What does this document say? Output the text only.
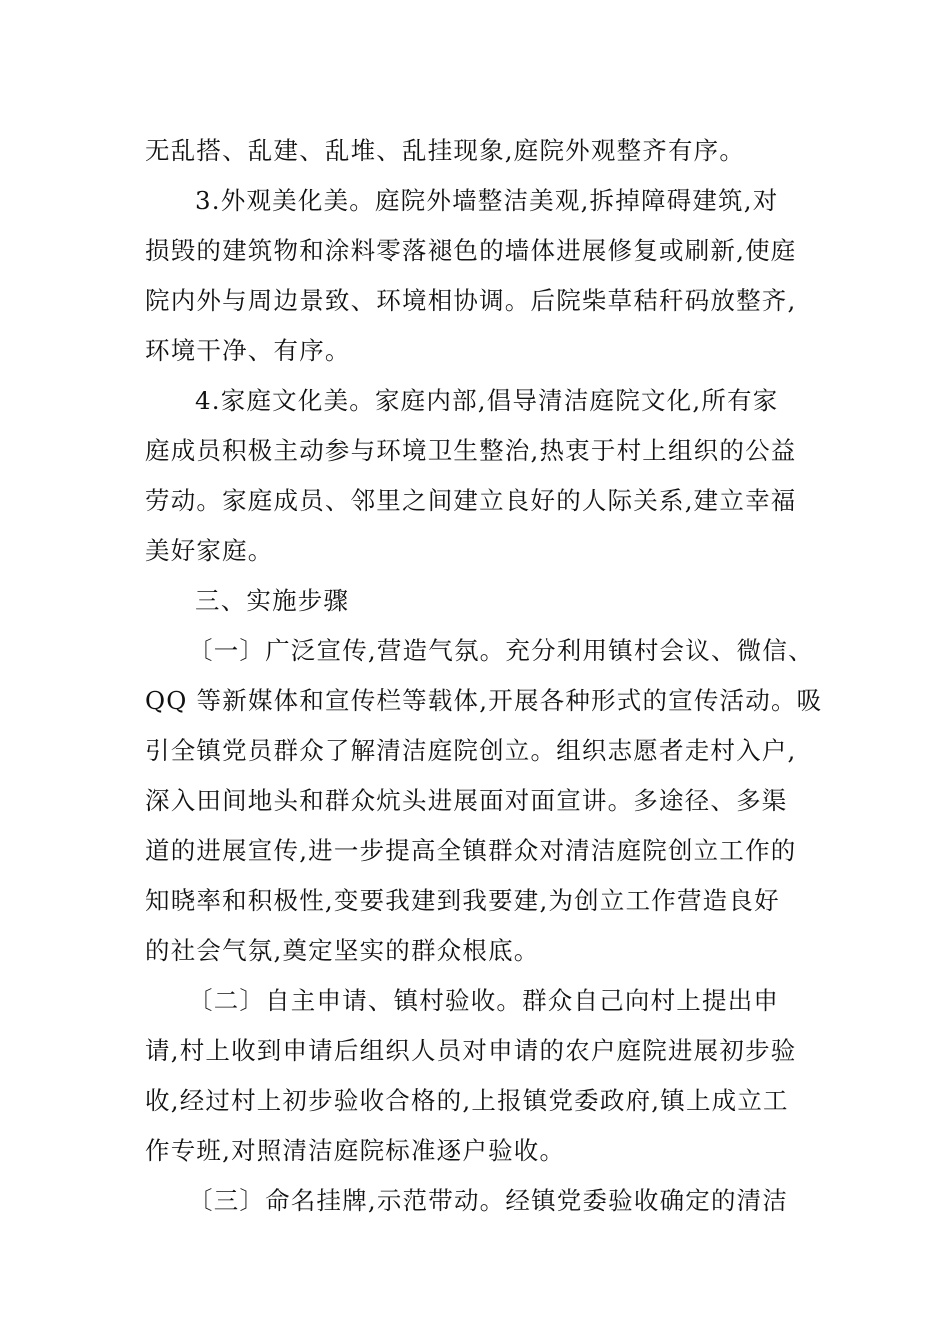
无乱搭、乱建、乱堆、乱挂现象,庭院外观整齐有序。
3.外观美化美。庭院外墙整洁美观,拆掉障碍建筑,对
损毁的建筑物和涂料零落褪色的墙体进展修复或刷新,使庭
院内外与周边景致、环境相协调。后院柴草秸秆码放整齐,
环境干净、有序。
4.家庭文化美。家庭内部,倡导清洁庭院文化,所有家
庭成员积极主动参与环境卫生整治,热衷于村上组织的公益
劳动。家庭成员、邻里之间建立良好的人际关系,建立幸福
美好家庭。
三、实施步骤
〔一〕广泛宣传,营造气氛。充分利用镇村会议、微信、
QQ 等新媒体和宣传栏等载体,开展各种形式的宣传活动。吸
引全镇党员群众了解清洁庭院创立。组织志愿者走村入户,
深入田间地头和群众炕头进展面对面宣讲。多途径、多渠
道的进展宣传,进一步提高全镇群众对清洁庭院创立工作的
知晓率和积极性,变要我建到我要建,为创立工作营造良好
的社会气氛,奠定坚实的群众根底。
〔二〕自主申请、镇村验收。群众自己向村上提出申
请,村上收到申请后组织人员对申请的农户庭院进展初步验
收,经过村上初步验收合格的,上报镇党委政府,镇上成立工
作专班,对照清洁庭院标准逐户验收。
〔三〕命名挂牌,示范带动。经镇党委验收确定的清洁
